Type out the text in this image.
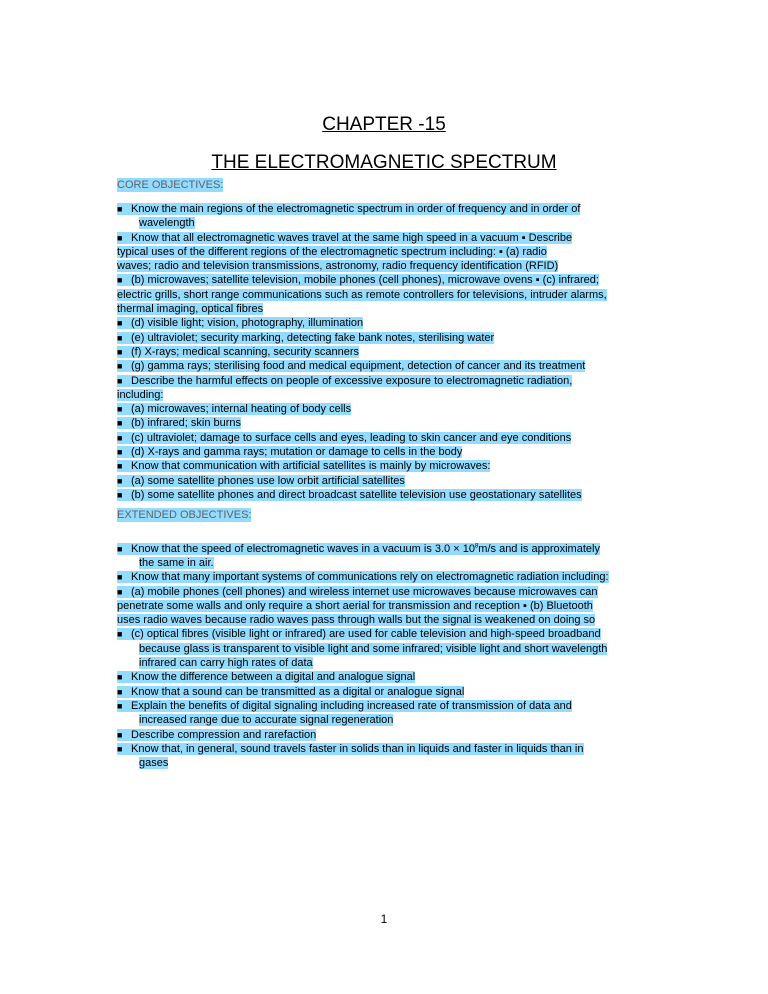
CHAPTER -15
THE ELECTROMAGNETIC SPECTRUM
CORE OBJECTIVES:
■ Know the main regions of the electromagnetic spectrum in order of frequency and in order of
wavelength
■ Know that all electromagnetic waves travel at the same high speed in a vacuum ▪ Describe
typical uses of the different regions of the electromagnetic spectrum including: ▪ (a) radio
waves; radio and television transmissions, astronomy, radio frequency identification (RFID)
■ (b) microwaves; satellite television, mobile phones (cell phones), microwave ovens ▪ (c) infrared;
electric grills, short range communications such as remote controllers for televisions, intruder alarms,
thermal imaging, optical fibres
■ (d) visible light; vision, photography, illumination
■ (e) ultraviolet; security marking, detecting fake bank notes, sterilising water
■ (f) X-rays; medical scanning, security scanners
■ (g) gamma rays; sterilising food and medical equipment, detection of cancer and its treatment
■ Describe the harmful effects on people of excessive exposure to electromagnetic radiation,
including:
■ (a) microwaves; internal heating of body cells
■ (b) infrared; skin burns
■ (c) ultraviolet; damage to surface cells and eyes, leading to skin cancer and eye conditions
■ (d) X-rays and gamma rays; mutation or damage to cells in the body
■ Know that communication with artificial satellites is mainly by microwaves:
■ (a) some satellite phones use low orbit artificial satellites
■ (b) some satellite phones and direct broadcast satellite television use geostationary satellites
EXTENDED OBJECTIVES:
■ Know that the speed of electromagnetic waves in a vacuum is $3.0 \times 10^8m/s$ and is approximately
the same in air.
■ Know that many important systems of communications rely on electromagnetic radiation including:
■ (a) mobile phones (cell phones) and wireless internet use microwaves because microwaves can
penetrate some walls and only require a short aerial for transmission and reception ▪ (b) Bluetooth
uses radio waves because radio waves pass through walls but the signal is weakened on doing so
■ (c) optical fibres (visible light or infrared) are used for cable television and high-speed broadband
because glass is transparent to visible light and some infrared; visible light and short wavelength
infrared can carry high rates of data
■ Know the difference between a digital and analogue signal
■ Know that a sound can be transmitted as a digital or analogue signal
■ Explain the benefits of digital signaling including increased rate of transmission of data and
increased range due to accurate signal regeneration
■ Describe compression and rarefaction
■ Know that, in general, sound travels faster in solids than in liquids and faster in liquids than in
gases
1
